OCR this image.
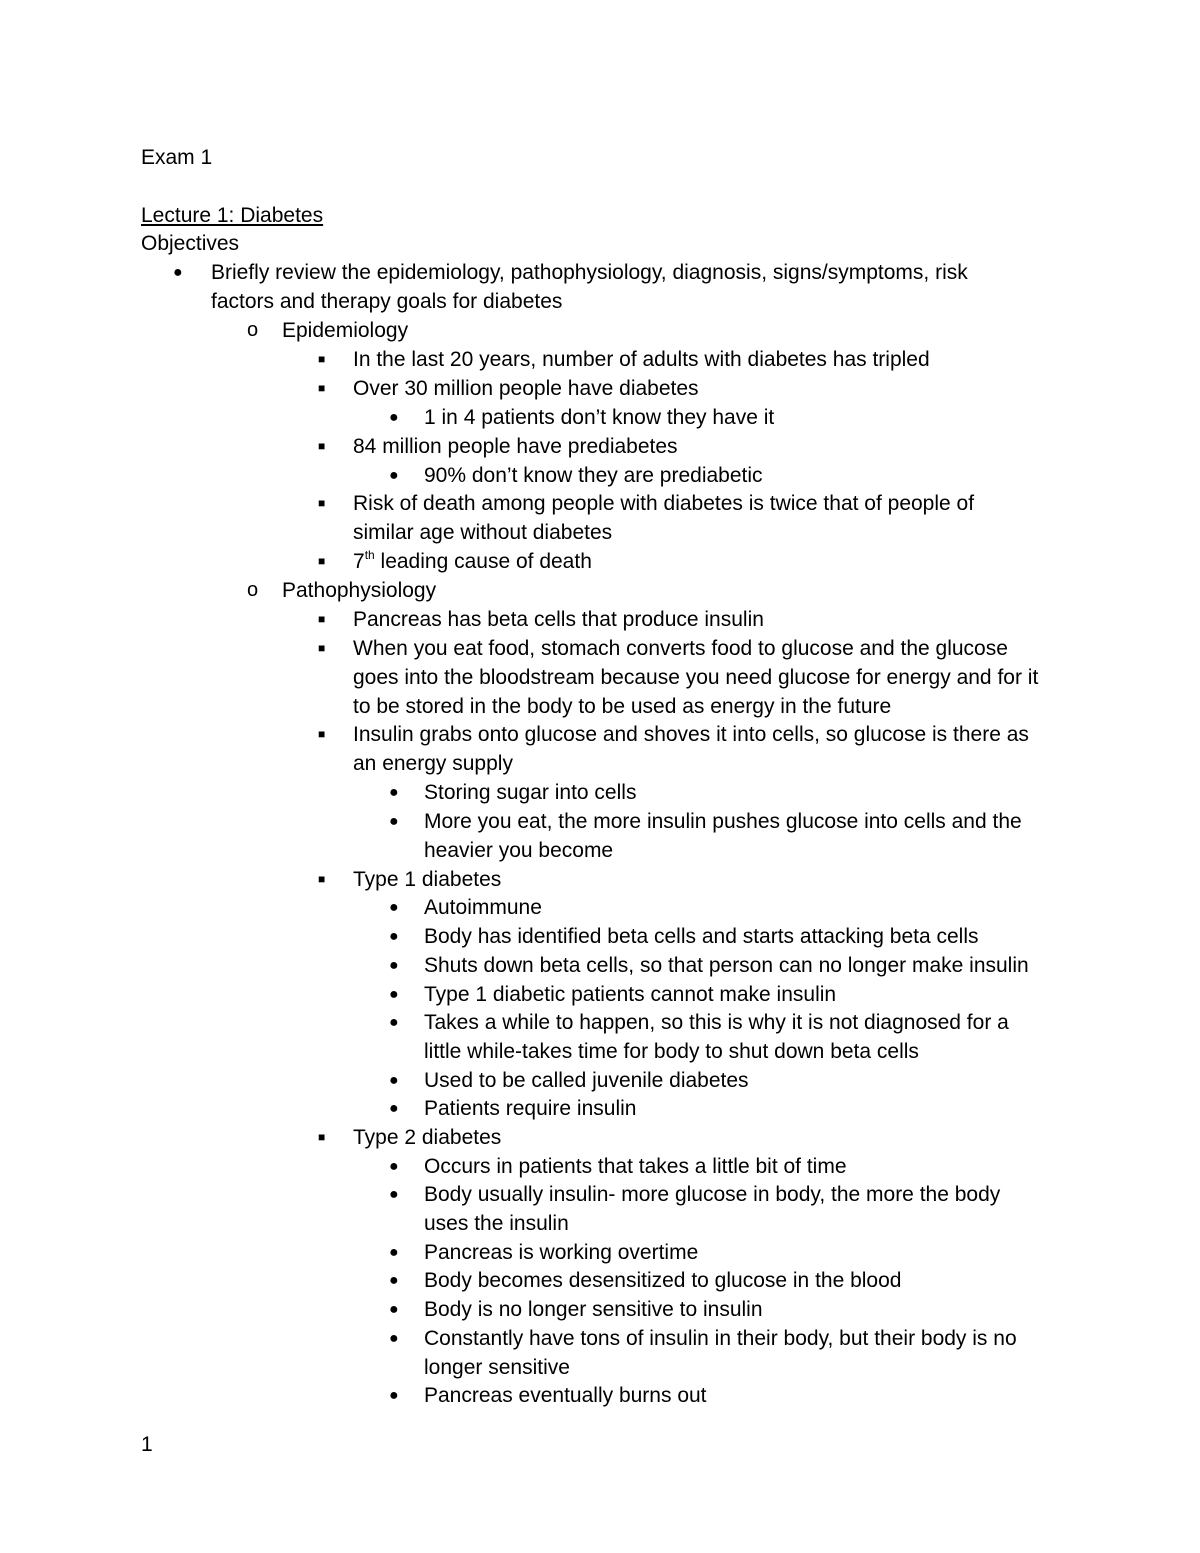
Exam 1
Lecture 1: Diabetes
Objectives
● Briefly review the epidemiology, pathophysiology, diagnosis, signs/symptoms, risk
factors and therapy goals for diabetes
o Epidemiology
■ In the last 20 years, number of adults with diabetes has tripled
■ Over 30 million people have diabetes
● 1 in 4 patients don’t know they have it
■ 84 million people have prediabetes
● 90% don’t know they are prediabetic
■ Risk of death among people with diabetes is twice that of people of
similar age without diabetes
■ 7th leading cause of death
o Pathophysiology
■ Pancreas has beta cells that produce insulin
■ When you eat food, stomach converts food to glucose and the glucose
goes into the bloodstream because you need glucose for energy and for it
to be stored in the body to be used as energy in the future
■ Insulin grabs onto glucose and shoves it into cells, so glucose is there as
an energy supply
● Storing sugar into cells
● More you eat, the more insulin pushes glucose into cells and the
heavier you become
■ Type 1 diabetes
● Autoimmune
● Body has identified beta cells and starts attacking beta cells
● Shuts down beta cells, so that person can no longer make insulin
● Type 1 diabetic patients cannot make insulin
● Takes a while to happen, so this is why it is not diagnosed for a
little while-takes time for body to shut down beta cells
● Used to be called juvenile diabetes
● Patients require insulin
■ Type 2 diabetes
● Occurs in patients that takes a little bit of time
● Body usually insulin- more glucose in body, the more the body
uses the insulin
● Pancreas is working overtime
● Body becomes desensitized to glucose in the blood
● Body is no longer sensitive to insulin
● Constantly have tons of insulin in their body, but their body is no
longer sensitive
● Pancreas eventually burns out
1
